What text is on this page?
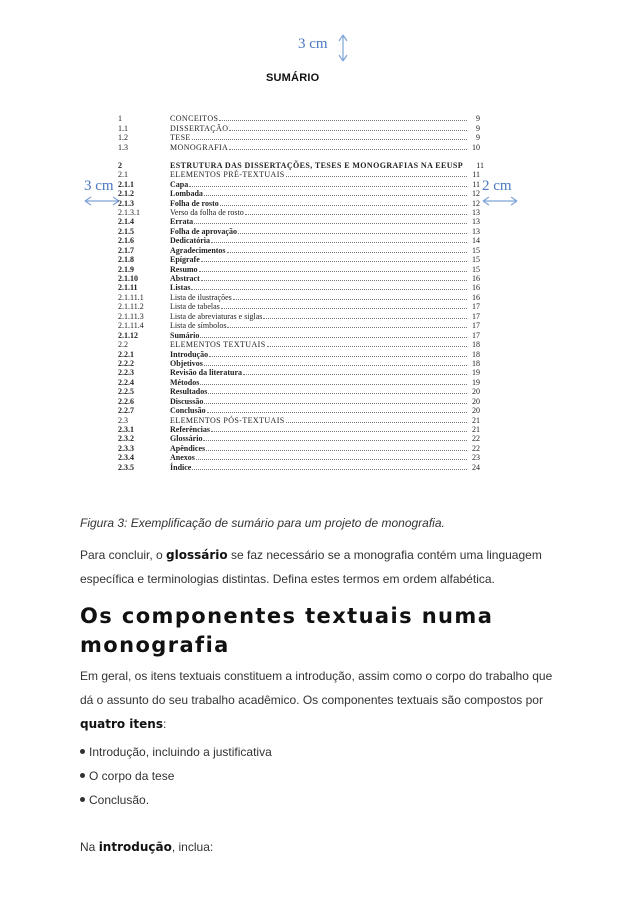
3 cm
SUMÁRIO
3 cm	2 cm
1	CONCEITOS	9
1.1	DISSERTAÇÃO	9
1.2	TESE	9
1.3	MONOGRAFIA	10
2	ESTRUTURA DAS DISSERTAÇÕES, TESES E MONOGRAFIAS NA EEUSP	11
2.1	ELEMENTOS PRÉ-TEXTUAIS	11
2.1.1	Capa	11
2.1.2	Lombada	12
2.1.3	Folha de rosto	12
2.1.3.1	Verso da folha de rosto	13
2.1.4	Errata	13
2.1.5	Folha de aprovação	13
2.1.6	Dedicatória	14
2.1.7	Agradecimentos	15
2.1.8	Epígrafe	15
2.1.9	Resumo	15
2.1.10	Abstract	16
2.1.11	Listas	16
2.1.11.1	Lista de ilustrações	16
2.1.11.2	Lista de tabelas	17
2.1.11.3	Lista de abreviaturas e siglas	17
2.1.11.4	Lista de símbolos	17
2.1.12	Sumário	17
2.2	ELEMENTOS TEXTUAIS	18
2.2.1	Introdução	18
2.2.2	Objetivos	18
2.2.3	Revisão da literatura	19
2.2.4	Métodos	19
2.2.5	Resultados	20
2.2.6	Discussão	20
2.2.7	Conclusão	20
2.3	ELEMENTOS PÓS-TEXTUAIS	21
2.3.1	Referências	21
2.3.2	Glossário	22
2.3.3	Apêndices	22
2.3.4	Anexos	23
2.3.5	Índice	24
Figura 3: Exemplificação de sumário para um projeto de monografia.
Para concluir, o glossário se faz necessário se a monografia contém uma linguagem específica e terminologias distintas. Defina estes termos em ordem alfabética.
Os componentes textuais numa monografia
Em geral, os itens textuais constituem a introdução, assim como o corpo do trabalho que dá o assunto do seu trabalho acadêmico. Os componentes textuais são compostos por quatro itens:
Introdução, incluindo a justificativa
O corpo da tese
Conclusão.
Na introdução, inclua:
